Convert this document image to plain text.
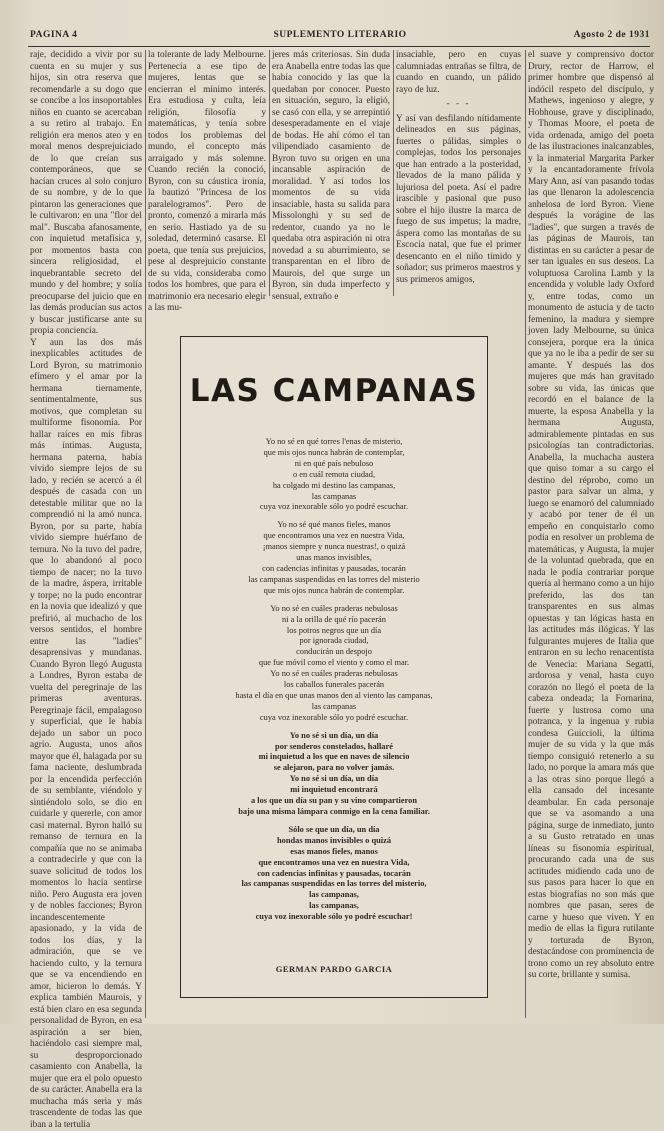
PAGINA 4	SUPLEMENTO LITERARIO	Agosto 2 de 1931

raje, decidido a vivir por su cuenta en su mujer y sus hijos, sin otra reserva que recomendarle a su dogo que se concibe a los insoportables niños en cuanto se acercaban a su retiro al trabajo. En religión era menos ateo y en moral menos desprejuiciado de lo que creían sus contemporáneos, que se hacían cruces al solo conjuro de su nombre, y de lo que pintaron las generaciones que le cultivaron: en una "flor del mal". Buscaba afanosamente, con inquietud metafísica y, por momentos basta con sincera religiosidad, el inquebrantable secreto del mundo y del hombre; y solía preocuparse del juicio que en las demás producían sus actos y buscar justificarse ante su propia conciencia.

Y aun las dos más inexplicables actitudes de Lord Byron, su matrimonio efímero y el amar por la hermana tiernamente, sentimentalmente, sus motivos, que completan su multiforme fisonomía. Por hallar raíces en mis fibras más íntimas. Augusta, hermana paterna, había vivido siempre lejos de su lado, y recién se acercó a él después de casada con un detestable militar que no la comprendió ni la amó nunca. Byron, por su parte, había vivido siempre huérfano de ternura. No la tuvo del padre, que lo abandonó al poco tiempo de nacer; no la tuvo de la madre, áspera, irritable y torpe; no la pudo encontrar en la novia que idealizó y que prefirió, al muchacho de los versos sentidos, el hombre entre las "ladies" desaprensivas y mundanas. Cuando Byron llegó Augusta a Londres, Byron estaba de vuelta del peregrinaje de las primeras aventuras. Peregrinaje fácil, empalagoso y superficial, que le había dejado un sabor un poco agrio. Augusta, unos años mayor que él, halagada por su fama naciente, deslumbrada por la encendida perfección de su semblante, viéndolo y sintiéndolo solo, se dio en cuidarle y quererle, con amor casi maternal. Byron halló su remanso de ternura en la compañía que no se animaba a contradecirle y que con la suave solicitud de todos los momentos lo hacía sentirse niño. Pero Augusta era joven y de nobles facciones; Byron incandescentemente apasionado, y la vida de todos los días, y la admiración, que se ve haciendo culto, y la ternura que se va encendiendo en amor, hicieron lo demás. Y explica también Maurois, y está bien claro en esa segunda personalidad de Byron, en esa aspiración a ser bien, haciéndolo casi siempre mal, su desproporcionado casamiento con Anabella, la mujer que era el polo opuesto de su carácter. Anabella era la muchacha más seria y más trascendente de todas las que iban a la tertulia

la tolerante de lady Melbourne. Pertenecía a ese tipo de mujeres, lentas que se encierran el mínimo interés. Era estudiosa y culta, leía religión, filosofía y matemáticas, y tenía sobre todos los problemas del mundo, el concepto más arraigado y más solemne. Cuando recién la conoció, Byron, con su cáustica ironía, la bautizó "Princesa de los paralelogramos". Pero de pronto, comenzó a mirarla más en serio. Hastiado ya de su soledad, determinó casarse. El poeta, que tenía sus prejuicios, pese al desprejuicio constante de su vida, consideraba como todos los hombres, que para el matrimonio era necesario elegir a las mu-

jeres más criteriosas. Sin duda era Anabella entre todas las que había conocido y las que la quedaban por conocer. Puesto en situación, seguro, la eligió, se casó con ella, y se arrepintió desesperadamente en el viaje de bodas. He ahí cómo el tan vilipendiado casamiento de Byron tuvo su origen en una incansable aspiración de moralidad. Y así todos los momentos de su vida insaciable, hasta su salida para Missolonghi y su sed de redentor, cuando ya no le quedaba otra aspiración ni otra novedad a su aburrimiento, se transparentan en el libro de Maurois, del que surge un Byron, sin duda imperfecto y sensual, extraño e

insaciable, pero en cuyas calumniadas entrañas se filtra, de cuando en cuando, un pálido rayo de luz.

- - -

Y así van desfilando nítidamente delineados en sus páginas, fuertes o pálidas, simples o complejas, todos los personajes que han entrado a la posteridad, llevados de la mano pálida y lujuriosa del poeta. Así el padre irascible y pasional que puso sobre el hijo ilustre la marca de fuego de sus impetus; la madre, áspera como las montañas de su Escocia natal, que fue el primer desencanto en el niño tímido y soñador; sus primeros maestros y sus primeros amigos,

el suave y comprensivo doctor Drury, rector de Harrow, el primer hombre que dispensó al indócil respeto del discípulo, y Mathews, ingenioso y alegre, y Hobhouse, grave y disciplinado, y Thomas Moore, el poeta de vida ordenada, amigo del poeta de las ilustraciones inalcanzables, y la inmaterial Margarita Parker y la encantadoramente frívola Mary Ann, así van pasando todas las que llenaron la adolescencia anhelosa de lord Byron. Viene después la vorágine de las "ladies", que surgen a través de las páginas de Maurois, tan distintas en su carácter a pesar de ser tan iguales en sus deseos. La voluptuosa Carolina Lamb y la encendida y voluble lady Oxford y, entre todas, como un monumento de astucia y de tacto femenino, la madura y siempre joven lady Melbourne, su única consejera, porque era la única que ya no le iba a pedir de ser su amante. Y después las dos mujeres que más han gravitado sobre su vida, las únicas que recordó en el balance de la muerte, la esposa Anabella y la hermana Augusta, admirablemente pintadas en sus psicologías tan contradictorias. Anabella, la muchacha austera que quiso tomar a su cargo el destino del réprobo, como un pastor para salvar un alma, y luego se enamoró del calumniado y acabó por tener de él un empeño en conquistarlo como podía en resolver un problema de matemáticas, y Augusta, la mujer de la voluntad quebrada, que en nada le podía contrariar porque quería al hermano como a un hijo preferido, las dos tan transparentes en sus almas opuestas y tan lógicas hasta en las actitudes más ilógicas. Y las fulgurantes mujeres de Italia que entraron en su lecho renacentista de Venecia: Mariana Segatti, ardorosa y venal, hasta cuyo corazón no llegó el poeta de la cabeza ondeada; la Fornarina, fuerte y lustrosa como una potranca, y la ingenua y rubia condesa Guiccioli, la última mujer de su vida y la que más tiempo consiguió retenerlo a su lado, no porque la amara más que a las otras sino porque llegó a ella cansado del incesante deambular. En cada personaje que se va asomando a una página, surge de inmediato, junto a su Gusto retratado en unas líneas su fisonomía espiritual, procurando cada una de sus actitudes midiendo cada uno de sus pasos para hacer lo que en estas biografías no son más que nombres que pasan, seres de carne y hueso que viven. Y en medio de ellas la figura rutilante y torturada de Byron, destacándose con prominencia de trono como un rey absoluto entre su corte, brillante y sumisa.

LAS CAMPANAS
Yo no sé en qué torres l'enas de misterio,
que mis ojos nunca habrán de contemplar,
ni en qué país nebuloso
o en cuál remota ciudad,
ha colgado mi destino las campanas,
las campanas
cuya voz inexorable sólo yo podré escuchar.
Yo no sé qué manos fieles, manos
que encontramos una vez en nuestra Vida,
¡manos siempre y nunca nuestras!, o quizá
unas manos invisibles,
con cadencias infinitas y pausadas, tocarán
las campanas suspendidas en las torres del misterio
que mis ojos nunca habrán de contemplar.
Yo no sé en cuáles praderas nebulosas
ni a la orilla de qué río pacerán
los potros negros que un día
por ignorada ciudad,
conducirán un despojo
que fue móvil como el viento y como el mar.
Yo no sé en cuáles praderas nebulosas
los caballos funerales pacerán
hasta el día en que unas manos den al viento las campanas,
las campanas
cuya voz inexorable sólo yo podré escuchar.
Yo no sé si un día, un día
por senderos constelados, hallaré
mi inquietud a los que en naves de silencio
se alejaron, para no volver jamás.
Yo no sé si un día, un día
mi inquietud encontrará
a los que un día su pan y su vino compartieron
bajo una misma lámpara conmigo en la cena familiar.
Sólo se que un día, un día
hondas manos invisibles o quizá
esas manos fieles, manos
que encontramos una vez en nuestra Vida,
con cadencias infinitas y pausadas, tocarán
las campanas suspendidas en las torres del misterio,
las campanas,
las campanas,
cuya voz inexorable sólo yo podré escuchar!
GERMAN PARDO GARCIA
